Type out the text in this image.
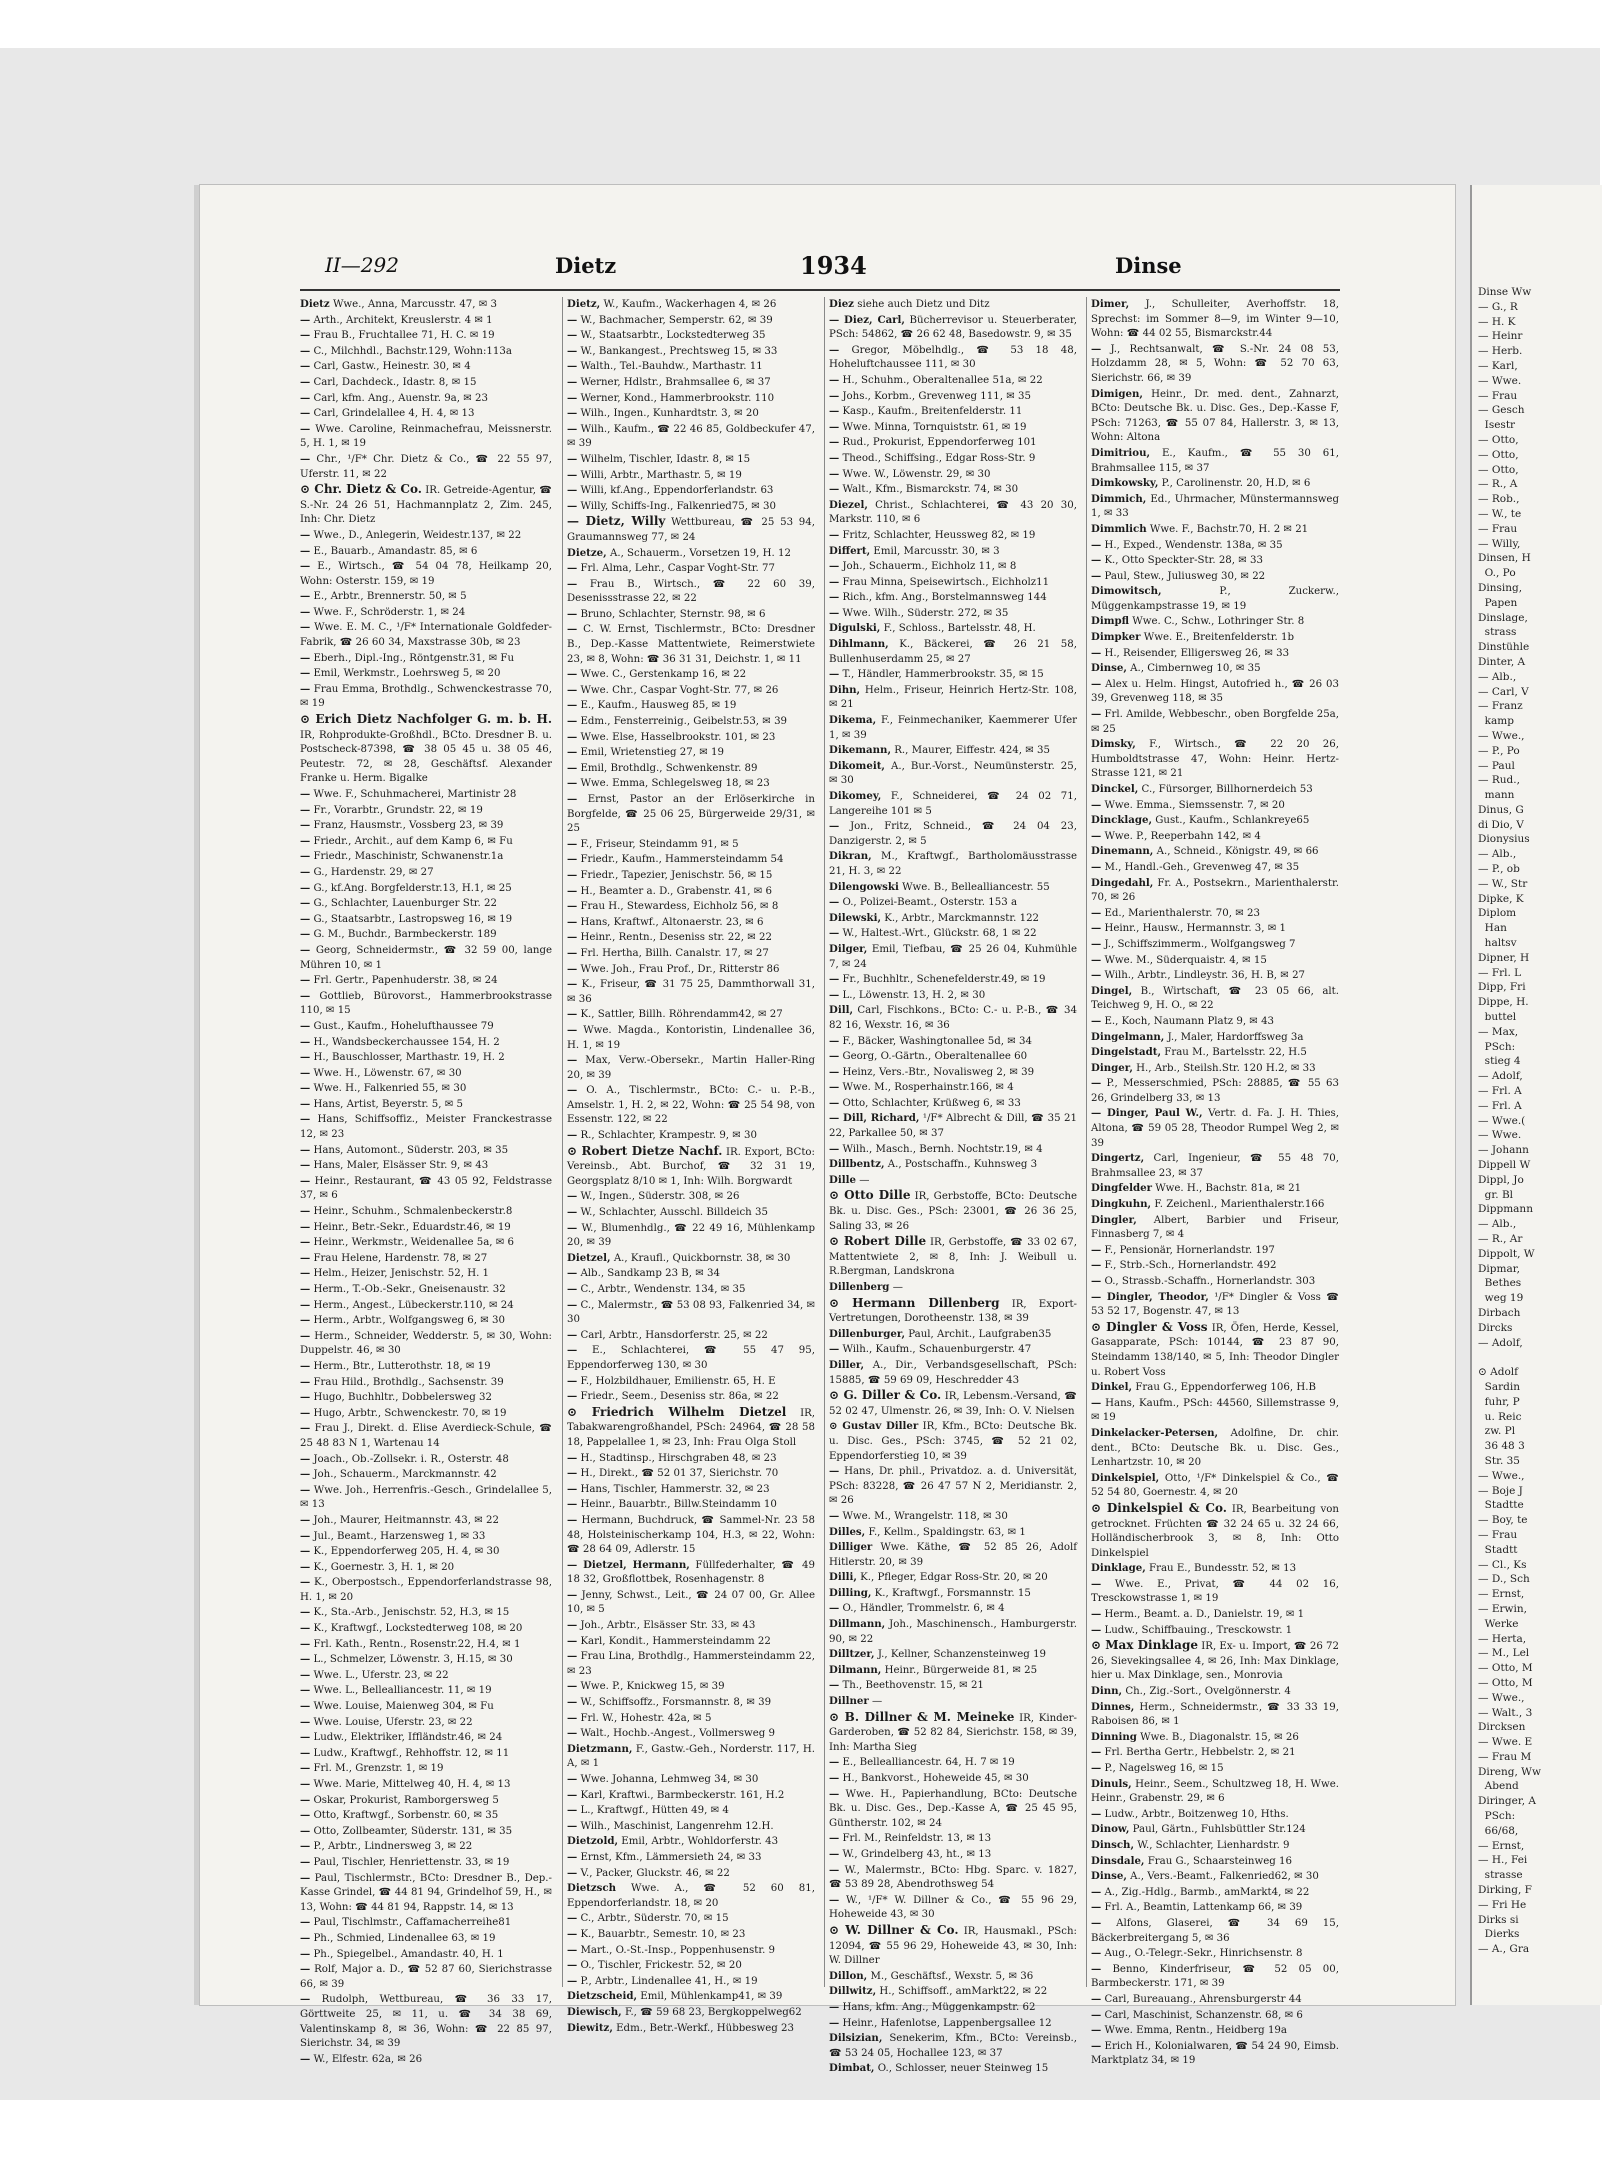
II—292	Dietz	1934	Dinse

Dietz Wwe., Anna, Marcusstr. 47, ✉ 3

— Arth., Architekt, Kreuslerstr. 4 ✉ 1

— Frau B., Fruchtallee 71, H. C. ✉ 19

— C., Milchhdl., Bachstr.129, Wohn:113a

— Carl, Gastw., Heinestr. 30, ✉ 4

— Carl, Dachdeck., Idastr. 8, ✉ 15

— Carl, kfm. Ang., Auenstr. 9a, ✉ 23

— Carl, Grindelallee 4, H. 4, ✉ 13

— Wwe. Caroline, Reinmachefrau, Meissnerstr. 5, H. 1, ✉ 19

— Chr., ¹/F* Chr. Dietz & Co., ☎ 22 55 97, Uferstr. 11, ✉ 22

⊙ Chr. Dietz & Co. IR. Getreide-Agentur, ☎ S.-Nr. 24 26 51, Hachmannplatz 2, Zim. 245, Inh: Chr. Dietz

— Wwe., D., Anlegerin, Weidestr.137, ✉ 22

— E., Bauarb., Amandastr. 85, ✉ 6

— E., Wirtsch., ☎ 54 04 78, Heilkamp 20, Wohn: Osterstr. 159, ✉ 19

— E., Arbtr., Brennerstr. 50, ✉ 5

— Wwe. F., Schröderstr. 1, ✉ 24

— Wwe. E. M. C., ¹/F* Internationale Goldfeder-Fabrik, ☎ 26 60 34, Maxstrasse 30b, ✉ 23

— Eberh., Dipl.-Ing., Röntgenstr.31, ✉ Fu

— Emil, Werkmstr., Loehrsweg 5, ✉ 20

— Frau Emma, Brothdlg., Schwenckestrasse 70, ✉ 19

⊙ Erich Dietz Nachfolger G. m. b. H. IR, Rohprodukte-Großhdl., BCto. Dresdner B. u. Postscheck-87398, ☎ 38 05 45 u. 38 05 46, Peutestr. 72, ✉ 28, Geschäftsf. Alexander Franke u. Herm. Bigalke

— Wwe. F., Schuhmacherei, Martinistr 28

— Fr., Vorarbtr., Grundstr. 22, ✉ 19

— Franz, Hausmstr., Vossberg 23, ✉ 39

— Friedr., Archit., auf dem Kamp 6, ✉ Fu

— Friedr., Maschinistr, Schwanenstr.1a

— G., Hardenstr. 29, ✉ 27

— G., kf.Ang. Borgfelderstr.13, H.1, ✉ 25

— G., Schlachter, Lauenburger Str. 22

— G., Staatsarbtr., Lastropsweg 16, ✉ 19

— G. M., Buchdr., Barmbeckerstr. 189

— Georg, Schneidermstr., ☎ 32 59 00, lange Mühren 10, ✉ 1

— Frl. Gertr., Papenhuderstr. 38, ✉ 24

— Gottlieb, Bürovorst., Hammerbrookstrasse 110, ✉ 15

— Gust., Kaufm., Hohelufthaussee 79

— H., Wandsbeckerchaussee 154, H. 2

— H., Bauschlosser, Marthastr. 19, H. 2

— Wwe. H., Löwenstr. 67, ✉ 30

— Wwe. H., Falkenried 55, ✉ 30

— Hans, Artist, Beyerstr. 5, ✉ 5

— Hans, Schiffsoffiz., Meister Franckestrasse 12, ✉ 23

— Hans, Automont., Süderstr. 203, ✉ 35

— Hans, Maler, Elsässer Str. 9, ✉ 43

— Heinr., Restaurant, ☎ 43 05 92, Feldstrasse 37, ✉ 6

— Heinr., Schuhm., Schmalenbeckerstr.8

— Heinr., Betr.-Sekr., Eduardstr.46, ✉ 19

— Heinr., Werkmstr., Weidenallee 5a, ✉ 6

— Frau Helene, Hardenstr. 78, ✉ 27

— Helm., Heizer, Jenischstr. 52, H. 1

— Herm., T.-Ob.-Sekr., Gneisenaustr. 32

— Herm., Angest., Lübeckerstr.110, ✉ 24

— Herm., Arbtr., Wolfgangsweg 6, ✉ 30

— Herm., Schneider, Wedderstr. 5, ✉ 30, Wohn: Duppelstr. 46, ✉ 30

— Herm., Btr., Lutterothstr. 18, ✉ 19

— Frau Hild., Brothdlg., Sachsenstr. 39

— Hugo, Buchhltr., Dobbelersweg 32

— Hugo, Arbtr., Schwenckestr. 70, ✉ 19

— Frau J., Direkt. d. Elise Averdieck-Schule, ☎ 25 48 83 N 1, Wartenau 14

— Joach., Ob.-Zollsekr. i. R., Osterstr. 48

— Joh., Schauerm., Marckmannstr. 42

— Wwe. Joh., Herrenfris.-Gesch., Grindelallee 5, ✉ 13

— Joh., Maurer, Heitmannstr. 43, ✉ 22

— Jul., Beamt., Harzensweg 1, ✉ 33

— K., Eppendorferweg 205, H. 4, ✉ 30

— K., Goernestr. 3, H. 1, ✉ 20

— K., Oberpostsch., Eppendorferlandstrasse 98, H. 1, ✉ 20

— K., Sta.-Arb., Jenischstr. 52, H.3, ✉ 15

— K., Kraftwgf., Lockstedterweg 108, ✉ 20

— Frl. Kath., Rentn., Rosenstr.22, H.4, ✉ 1

— L., Schmelzer, Löwenstr. 3, H.15, ✉ 30

— Wwe. L., Uferstr. 23, ✉ 22

— Wwe. L., Bellealliancestr. 11, ✉ 19

— Wwe. Louise, Maienweg 304, ✉ Fu

— Wwe. Louise, Uferstr. 23, ✉ 22

— Ludw., Elektriker, Iffländstr.46, ✉ 24

— Ludw., Kraftwgf., Rehhoffstr. 12, ✉ 11

— Frl. M., Grenzstr. 1, ✉ 19

— Wwe. Marie, Mittelweg 40, H. 4, ✉ 13

— Oskar, Prokurist, Ramborgersweg 5

— Otto, Kraftwgf., Sorbenstr. 60, ✉ 35

— Otto, Zollbeamter, Süderstr. 131, ✉ 35

— P., Arbtr., Lindnersweg 3, ✉ 22

— Paul, Tischler, Henriettenstr. 33, ✉ 19

— Paul, Tischlermstr., BCto: Dresdner B., Dep.-Kasse Grindel, ☎ 44 81 94, Grindelhof 59, H., ✉ 13, Wohn: ☎ 44 81 94, Rappstr. 14, ✉ 13

— Paul, Tischlmstr., Caffamacherreihe81

— Ph., Schmied, Lindenallee 63, ✉ 19

— Ph., Spiegelbel., Amandastr. 40, H. 1

— Rolf, Major a. D., ☎ 52 87 60, Sierichstrasse 66, ✉ 39

— Rudolph, Wettbureau, ☎ 36 33 17, Görttweite 25, ✉ 11, u. ☎ 34 38 69, Valentinskamp 8, ✉ 36, Wohn: ☎ 22 85 97, Sierichstr. 34, ✉ 39

— W., Elfestr. 62a, ✉ 26

Dietz, W., Kaufm., Wackerhagen 4, ✉ 26

— W., Bachmacher, Semperstr. 62, ✉ 39

— W., Staatsarbtr., Lockstedterweg 35

— W., Bankangest., Prechtsweg 15, ✉ 33

— Walth., Tel.-Bauhdw., Marthastr. 11

— Werner, Hdlstr., Brahmsallee 6, ✉ 37

— Werner, Kond., Hammerbrookstr. 110

— Wilh., Ingen., Kunhardtstr. 3, ✉ 20

— Wilh., Kaufm., ☎ 22 46 85, Goldbeckufer 47, ✉ 39

— Wilhelm, Tischler, Idastr. 8, ✉ 15

— Willi, Arbtr., Marthastr. 5, ✉ 19

— Willi, kf.Ang., Eppendorferlandstr. 63

— Willy, Schiffs-Ing., Falkenried75, ✉ 30

— Dietz, Willy Wettbureau, ☎ 25 53 94, Graumannsweg 77, ✉ 24

Dietze, A., Schauerm., Vorsetzen 19, H. 12

— Frl. Alma, Lehr., Caspar Voght-Str. 77

— Frau B., Wirtsch., ☎ 22 60 39, Desenissstrasse 22, ✉ 22

— Bruno, Schlachter, Sternstr. 98, ✉ 6

— C. W. Ernst, Tischlermstr., BCto: Dresdner B., Dep.-Kasse Mattentwiete, Reimerstwiete 23, ✉ 8, Wohn: ☎ 36 31 31, Deichstr. 1, ✉ 11

— Wwe. C., Gerstenkamp 16, ✉ 22

— Wwe. Chr., Caspar Voght-Str. 77, ✉ 26

— E., Kaufm., Hausweg 85, ✉ 19

— Edm., Fensterreinig., Geibelstr.53, ✉ 39

— Wwe. Else, Hasselbrookstr. 101, ✉ 23

— Emil, Wrietenstieg 27, ✉ 19

— Emil, Brothdlg., Schwenkenstr. 89

— Wwe. Emma, Schlegelsweg 18, ✉ 23

— Ernst, Pastor an der Erlöserkirche in Borgfelde, ☎ 25 06 25, Bürgerweide 29/31, ✉ 25

— F., Friseur, Steindamm 91, ✉ 5

— Friedr., Kaufm., Hammersteindamm 54

— Friedr., Tapezier, Jenischstr. 56, ✉ 15

— H., Beamter a. D., Grabenstr. 41, ✉ 6

— Frau H., Stewardess, Eichholz 56, ✉ 8

— Hans, Kraftwf., Altonaerstr. 23, ✉ 6

— Heinr., Rentn., Deseniss str. 22, ✉ 22

— Frl. Hertha, Billh. Canalstr. 17, ✉ 27

— Wwe. Joh., Frau Prof., Dr., Ritterstr 86

— K., Friseur, ☎ 31 75 25, Dammthorwall 31, ✉ 36

— K., Sattler, Billh. Röhrendamm42, ✉ 27

— Wwe. Magda., Kontoristin, Lindenallee 36, H. 1, ✉ 19

— Max, Verw.-Obersekr., Martin Haller-Ring 20, ✉ 39

— O. A., Tischlermstr., BCto: C.- u. P.-B., Amselstr. 1, H. 2, ✉ 22, Wohn: ☎ 25 54 98, von Essenstr. 122, ✉ 22

— R., Schlachter, Krampestr. 9, ✉ 30

⊙ Robert Dietze Nachf. IR. Export, BCto: Vereinsb., Abt. Burchof, ☎ 32 31 19, Georgsplatz 8/10 ✉ 1, Inh: Wilh. Borgwardt

— W., Ingen., Süderstr. 308, ✉ 26

— W., Schlachter, Ausschl. Billdeich 35

— W., Blumenhdlg., ☎ 22 49 16, Mühlenkamp 20, ✉ 39

Dietzel, A., Kraufl., Quickbornstr. 38, ✉ 30

— Alb., Sandkamp 23 B, ✉ 34

— C., Arbtr., Wendenstr. 134, ✉ 35

— C., Malermstr., ☎ 53 08 93, Falkenried 34, ✉ 30

— Carl, Arbtr., Hansdorferstr. 25, ✉ 22

— E., Schlachterei, ☎ 55 47 95, Eppendorferweg 130, ✉ 30

— F., Holzbildhauer, Emilienstr. 65, H. E

— Friedr., Seem., Deseniss str. 86a, ✉ 22

⊙ Friedrich Wilhelm Dietzel IR, Tabakwarengroßhandel, PSch: 24964, ☎ 28 58 18, Pappelallee 1, ✉ 23, Inh: Frau Olga Stoll

— H., Stadtinsp., Hirschgraben 48, ✉ 23

— H., Direkt., ☎ 52 01 37, Sierichstr. 70

— Hans, Tischler, Hammerstr. 32, ✉ 23

— Heinr., Bauarbtr., Billw.Steindamm 10

— Hermann, Buchdruck, ☎ Sammel-Nr. 23 58 48, Holsteinischerkamp 104, H.3, ✉ 22, Wohn: ☎ 28 64 09, Adlerstr. 15

— Dietzel, Hermann, Füllfederhalter, ☎ 49 18 32, Großflottbek, Rosenhagenstr. 8

— Jenny, Schwst., Leit., ☎ 24 07 00, Gr. Allee 10, ✉ 5

— Joh., Arbtr., Elsässer Str. 33, ✉ 43

— Karl, Kondit., Hammersteindamm 22

— Frau Lina, Brothdlg., Hammersteindamm 22, ✉ 23

— Wwe. P., Knickweg 15, ✉ 39

— W., Schiffsoffz., Forsmannstr. 8, ✉ 39

— Frl. W., Hohestr. 42a, ✉ 5

— Walt., Hochb.-Angest., Vollmersweg 9

Dietzmann, F., Gastw.-Geh., Norderstr. 117, H. A, ✉ 1

— Wwe. Johanna, Lehmweg 34, ✉ 30

— Karl, Kraftwi., Barmbeckerstr. 161, H.2

— L., Kraftwgf., Hütten 49, ✉ 4

— Wilh., Maschinist, Langenrehm 12.H.

Dietzold, Emil, Arbtr., Wohldorferstr. 43

— Ernst, Kfm., Lämmersieth 24, ✉ 33

— V., Packer, Gluckstr. 46, ✉ 22

Dietzsch Wwe. A., ☎ 52 60 81, Eppendorferlandstr. 18, ✉ 20

— C., Arbtr., Süderstr. 70, ✉ 15

— K., Bauarbtr., Semestr. 10, ✉ 23

— Mart., O.-St.-Insp., Poppenhusenstr. 9

— O., Tischler, Frickestr. 52, ✉ 20

— P., Arbtr., Lindenallee 41, H., ✉ 19

Dietzscheid, Emil, Mühlenkamp41, ✉ 39

Diewisch, F., ☎ 59 68 23, Bergkoppelweg62

Diewitz, Edm., Betr.-Werkf., Hübbesweg 23

Diez siehe auch Dietz und Ditz

— Diez, Carl, Bücherrevisor u. Steuerberater, PSch: 54862, ☎ 26 62 48, Basedowstr. 9, ✉ 35

— Gregor, Möbelhdlg., ☎ 53 18 48, Hoheluftchaussee 111, ✉ 30

— H., Schuhm., Oberaltenallee 51a, ✉ 22

— Johs., Korbm., Grevenweg 111, ✉ 35

— Kasp., Kaufm., Breitenfelderstr. 11

— Wwe. Minna, Tornquiststr. 61, ✉ 19

— Rud., Prokurist, Eppendorferweg 101

— Theod., Schiffsing., Edgar Ross-Str. 9

— Wwe. W., Löwenstr. 29, ✉ 30

— Walt., Kfm., Bismarckstr. 74, ✉ 30

Diezel, Christ., Schlachterei, ☎ 43 20 30, Markstr. 110, ✉ 6

— Fritz, Schlachter, Heussweg 82, ✉ 19

Differt, Emil, Marcusstr. 30, ✉ 3

— Joh., Schauerm., Eichholz 11, ✉ 8

— Frau Minna, Speisewirtsch., Eichholz11

— Rich., kfm. Ang., Borstelmannsweg 144

— Wwe. Wilh., Süderstr. 272, ✉ 35

Digulski, F., Schloss., Bartelsstr. 48, H.

Dihlmann, K., Bäckerei, ☎ 26 21 58, Bullenhuserdamm 25, ✉ 27

— T., Händler, Hammerbrookstr. 35, ✉ 15

Dihn, Helm., Friseur, Heinrich Hertz-Str. 108, ✉ 21

Dikema, F., Feinmechaniker, Kaemmerer Ufer 1, ✉ 39

Dikemann, R., Maurer, Eiffestr. 424, ✉ 35

Dikomeit, A., Bur.-Vorst., Neumünsterstr. 25, ✉ 30

Dikomey, F., Schneiderei, ☎ 24 02 71, Langereihe 101 ✉ 5

— Jon., Fritz, Schneid., ☎ 24 04 23, Danzigerstr. 2, ✉ 5

Dikran, M., Kraftwgf., Bartholomäusstrasse 21, H. 3, ✉ 22

Dilengowski Wwe. B., Bellealliancestr. 55

— O., Polizei-Beamt., Osterstr. 153 a

Dilewski, K., Arbtr., Marckmannstr. 122

— W., Haltest.-Wrt., Glückstr. 68, 1 ✉ 22

Dilger, Emil, Tiefbau, ☎ 25 26 04, Kuhmühle 7, ✉ 24

— Fr., Buchhltr., Schenefelderstr.49, ✉ 19

— L., Löwenstr. 13, H. 2, ✉ 30

Dill, Carl, Fischkons., BCto: C.- u. P.-B., ☎ 34 82 16, Wexstr. 16, ✉ 36

— F., Bäcker, Washingtonallee 5d, ✉ 34

— Georg, O.-Gärtn., Oberaltenallee 60

— Heinz, Vers.-Btr., Novalisweg 2, ✉ 39

— Wwe. M., Rosperhainstr.166, ✉ 4

— Otto, Schlachter, Krüßweg 6, ✉ 33

— Dill, Richard, ¹/F* Albrecht & Dill, ☎ 35 21 22, Parkallee 50, ✉ 37

— Wilh., Masch., Bernh. Nochtstr.19, ✉ 4

Dillbentz, A., Postschaffn., Kuhnsweg 3

Dille —

⊙ Otto Dille IR, Gerbstoffe, BCto: Deutsche Bk. u. Disc. Ges., PSch: 23001, ☎ 26 36 25, Saling 33, ✉ 26

⊙ Robert Dille IR, Gerbstoffe, ☎ 33 02 67, Mattentwiete 2, ✉ 8, Inh: J. Weibull u. R.Bergman, Landskrona

Dillenberg —

⊙ Hermann Dillenberg IR, Export-Vertretungen, Dorotheenstr. 138, ✉ 39

Dillenburger, Paul, Archit., Laufgraben35

— Wilh., Kaufm., Schauenburgerstr. 47

Diller, A., Dir., Verbandsgesellschaft, PSch: 15885, ☎ 59 69 09, Heschredder 43

⊙ G. Diller & Co. IR, Lebensm.-Versand, ☎ 52 02 47, Ulmenstr. 26, ✉ 39, Inh: O. V. Nielsen

⊙ Gustav Diller IR, Kfm., BCto: Deutsche Bk. u. Disc. Ges., PSch: 3745, ☎ 52 21 02, Eppendorferstieg 10, ✉ 39

— Hans, Dr. phil., Privatdoz. a. d. Universität, PSch: 83228, ☎ 26 47 57 N 2, Meridianstr. 2, ✉ 26

— Wwe. M., Wrangelstr. 118, ✉ 30

Dilles, F., Kellm., Spaldingstr. 63, ✉ 1

Dilliger Wwe. Käthe, ☎ 52 85 26, Adolf Hitlerstr. 20, ✉ 39

Dilli, K., Pfleger, Edgar Ross-Str. 20, ✉ 20

Dilling, K., Kraftwgf., Forsmannstr. 15

— O., Händler, Trommelstr. 6, ✉ 4

Dillmann, Joh., Maschinensch., Hamburgerstr. 90, ✉ 22

Dilltzer, J., Kellner, Schanzensteinweg 19

Dilmann, Heinr., Bürgerweide 81, ✉ 25

— Th., Beethovenstr. 15, ✉ 21

Dillner —

⊙ B. Dillner & M. Meineke IR, Kinder-Garderoben, ☎ 52 82 84, Sierichstr. 158, ✉ 39, Inh: Martha Sieg

— E., Bellealliancestr. 64, H. 7 ✉ 19

— H., Bankvorst., Hoheweide 45, ✉ 30

— Wwe. H., Papierhandlung, BCto: Deutsche Bk. u. Disc. Ges., Dep.-Kasse A, ☎ 25 45 95, Güntherstr. 102, ✉ 24

— Frl. M., Reinfeldstr. 13, ✉ 13

— W., Grindelberg 43, ht., ✉ 13

— W., Malermstr., BCto: Hbg. Sparc. v. 1827, ☎ 53 89 28, Abendrothsweg 54

— W., ¹/F* W. Dillner & Co., ☎ 55 96 29, Hoheweide 43, ✉ 30

⊙ W. Dillner & Co. IR, Hausmakl., PSch: 12094, ☎ 55 96 29, Hoheweide 43, ✉ 30, Inh: W. Dillner

Dillon, M., Geschäftsf., Wexstr. 5, ✉ 36

Dillwitz, H., Schiffsoff., amMarkt22, ✉ 22

— Hans, kfm. Ang., Müggenkampstr. 62

— Heinr., Hafenlotse, Lappenbergsallee 12

Dilsizian, Senekerim, Kfm., BCto: Vereinsb., ☎ 53 24 05, Hochallee 123, ✉ 37

Dimbat, O., Schlosser, neuer Steinweg 15

Dimer, J., Schulleiter, Averhoffstr. 18, Sprechst: im Sommer 8—9, im Winter 9—10, Wohn: ☎ 44 02 55, Bismarckstr.44

— J., Rechtsanwalt, ☎ S.-Nr. 24 08 53, Holzdamm 28, ✉ 5, Wohn: ☎ 52 70 63, Sierichstr. 66, ✉ 39

Dimigen, Heinr., Dr. med. dent., Zahnarzt, BCto: Deutsche Bk. u. Disc. Ges., Dep.-Kasse F, PSch: 71263, ☎ 55 07 84, Hallerstr. 3, ✉ 13, Wohn: Altona

Dimitriou, E., Kaufm., ☎ 55 30 61, Brahmsallee 115, ✉ 37

Dimkowsky, P., Carolinenstr. 20, H.D, ✉ 6

Dimmich, Ed., Uhrmacher, Münstermannsweg 1, ✉ 33

Dimmlich Wwe. F., Bachstr.70, H. 2 ✉ 21

— H., Exped., Wendenstr. 138a, ✉ 35

— K., Otto Speckter-Str. 28, ✉ 33

— Paul, Stew., Juliusweg 30, ✉ 22

Dimowitsch,	P., Zuckerw., Müggenkampstrasse 19, ✉ 19

Dimpfl Wwe. C., Schw., Lothringer Str. 8

Dimpker Wwe. E., Breitenfelderstr. 1b

— H., Reisender, Elligersweg 26, ✉ 33

Dinse, A., Cimbernweg 10, ✉ 35

— Alex u. Helm. Hingst, Autofried h., ☎ 26 03 39, Grevenweg 118, ✉ 35

— Frl. Amilde, Webbeschr., oben Borgfelde 25a, ✉ 25

Dimsky, F., Wirtsch., ☎ 22 20 26, Humboldtstrasse 47, Wohn: Heinr. Hertz-Strasse 121, ✉ 21

Dinckel, C., Fürsorger, Billhornerdeich 53

— Wwe. Emma., Siemssenstr. 7, ✉ 20

Dincklage, Gust., Kaufm., Schlankreye65

— Wwe. P., Reeperbahn 142, ✉ 4

Dinemann, A., Schneid., Königstr. 49, ✉ 66

— M., Handl.-Geh., Grevenweg 47, ✉ 35

Dingedahl, Fr. A., Postsekrn., Marienthalerstr. 70, ✉ 26

— Ed., Marienthalerstr. 70, ✉ 23

— Heinr., Hausw., Hermannstr. 3, ✉ 1

— J., Schiffszimmerm., Wolfgangsweg 7

— Wwe. M., Süderquaistr. 4, ✉ 15

— Wilh., Arbtr., Lindleystr. 36, H. B, ✉ 27

Dingel, B., Wirtschaft, ☎ 23 05 66, alt. Teichweg 9, H. O., ✉ 22

— E., Koch, Naumann Platz 9, ✉ 43

Dingelmann, J., Maler, Hardorffsweg 3a

Dingelstadt, Frau M., Bartelsstr. 22, H.5

Dinger, H., Arb., Steilsh.Str. 120 H.2, ✉ 33

— P., Messerschmied, PSch: 28885, ☎ 55 63 26, Grindelberg 33, ✉ 13

— Dinger, Paul W., Vertr. d. Fa. J. H. Thies, Altona, ☎ 59 05 28, Theodor Rumpel Weg 2, ✉ 39

Dingertz, Carl, Ingenieur, ☎ 55 48 70, Brahmsallee 23, ✉ 37

Dingfelder Wwe. H., Bachstr. 81a, ✉ 21

Dingkuhn, F. Zeichenl., Marienthalerstr.166

Dingler, Albert, Barbier und Friseur, Finnasberg 7, ✉ 4

— F., Pensionär, Hornerlandstr. 197

— F., Strb.-Sch., Hornerlandstr. 492

— O., Strassb.-Schaffn., Hornerlandstr. 303

— Dingler, Theodor, ¹/F* Dingler & Voss ☎ 53 52 17, Bogenstr. 47, ✉ 13

⊙ Dingler & Voss IR, Öfen, Herde, Kessel, Gasapparate, PSch: 10144, ☎ 23 87 90, Steindamm 138/140, ✉ 5, Inh: Theodor Dingler u. Robert Voss

Dinkel, Frau G., Eppendorferweg 106, H.B

— Hans, Kaufm., PSch: 44560, Sillemstrasse 9, ✉ 19

Dinkelacker-Petersen, Adolfine, Dr. chir. dent., BCto: Deutsche Bk. u. Disc. Ges., Lenhartzstr. 10, ✉ 20

Dinkelspiel, Otto, ¹/F* Dinkelspiel & Co., ☎ 52 54 80, Goernestr. 4, ✉ 20

⊙ Dinkelspiel & Co. IR, Bearbeitung von getrocknet. Früchten ☎ 32 24 65 u. 32 24 66, Holländischerbrook 3, ✉ 8, Inh: Otto Dinkelspiel

Dinklage, Frau E., Bundesstr. 52, ✉ 13

— Wwe. E., Privat, ☎ 44 02 16, Tresckowstrasse 1, ✉ 19

— Herm., Beamt. a. D., Danielstr. 19, ✉ 1

— Ludw., Schiffbauing., Tresckowstr. 1

⊙ Max Dinklage IR, Ex- u. Import, ☎ 26 72 26, Sievekingsallee 4, ✉ 26, Inh: Max Dinklage, hier u. Max Dinklage, sen., Monrovia

Dinn, Ch., Zig.-Sort., Ovelgönnerstr. 4

Dinnes, Herm., Schneidermstr., ☎ 33 33 19, Raboisen 86, ✉ 1

Dinning Wwe. B., Diagonalstr. 15, ✉ 26

— Frl. Bertha Gertr., Hebbelstr. 2, ✉ 21

— P., Nagelsweg 16, ✉ 15

Dinuls, Heinr., Seem., Schultzweg 18, H. Wwe. Heinr., Grabenstr. 29, ✉ 6

— Ludw., Arbtr., Boitzenweg 10, Hths.

Dinow, Paul, Gärtn., Fuhlsbüttler Str.124

Dinsch, W., Schlachter, Lienhardstr. 9

Dinsdale, Frau G., Schaarsteinweg 16

Dinse, A., Vers.-Beamt., Falkenried62, ✉ 30

— A., Zig.-Hdlg., Barmb., amMarkt4, ✉ 22

— Frl. A., Beamtin, Lattenkamp 66, ✉ 39

— Alfons, Glaserei, ☎ 34 69 15, Bäckerbreitergang 5, ✉ 36

— Aug., O.-Telegr.-Sekr., Hinrichsenstr. 8

— Benno, Kinderfriseur, ☎ 52 05 00, Barmbeckerstr. 171, ✉ 39

— Carl, Bureauang., Ahrensburgerstr 44

— Carl, Maschinist, Schanzenstr. 68, ✉ 6

— Wwe. Emma, Rentn., Heidberg 19a

— Erich H., Kolonialwaren, ☎ 54 24 90, Eimsb. Marktplatz 34, ✉ 19

Dinse Ww
— G., R
— H. K
— Heinr
— Herb.
— Karl,
— Wwe.
— Frau
— Gesch
Isestr
— Otto,
— Otto,
— Otto,
— R., A
— Rob.,
— W., te
— Frau
— Willy,
Dinsen, H
O., Po
Dinsing,
Papen
Dinslage,
strass
Dinstühle
Dinter, A
— Alb.,
— Carl, V
— Franz
kamp
— Wwe.,
— P., Po
— Paul
— Rud.,
mann
Dinus, G
di Dio, V
Dionysius
— Alb.,
— P., ob
— W., Str
Dipke, K
Diplom
Han
haltsv
Dipner, H
— Frl. L
Dipp, Fri
Dippe, H.
buttel
— Max,
PSch:
stieg 4
— Adolf,
— Frl. A
— Frl. A
— Wwe.(
— Wwe.
— Johann
Dippell W
Dippl, Jo
gr. Bl
Dippmann
— Alb.,
— R., Ar
Dippolt, W
Dipmar,
Bethes
weg 19
Dirbach
Dircks
— Adolf,

⊙ Adolf
Sardin
fuhr, P
u. Reic
zw. Pl
36 48 3
Str. 35
— Wwe.,
— Boje J
Stadtte
— Boy, te
— Frau
Stadtt
— Cl., Ks
— D., Sch
— Ernst,
— Erwin,
Werke
— Herta,
— M., Lel
— Otto, M
— Otto, M
— Wwe.,
— Walt., 3
Dircksen
— Wwe. E
— Frau M
Direng, Ww
Abend
Diringer, A
PSch:
66/68,
— Ernst,
— H., Fei
strasse
Dirking, F
— Fri He
Dirks si
Dierks
— A., Gra
